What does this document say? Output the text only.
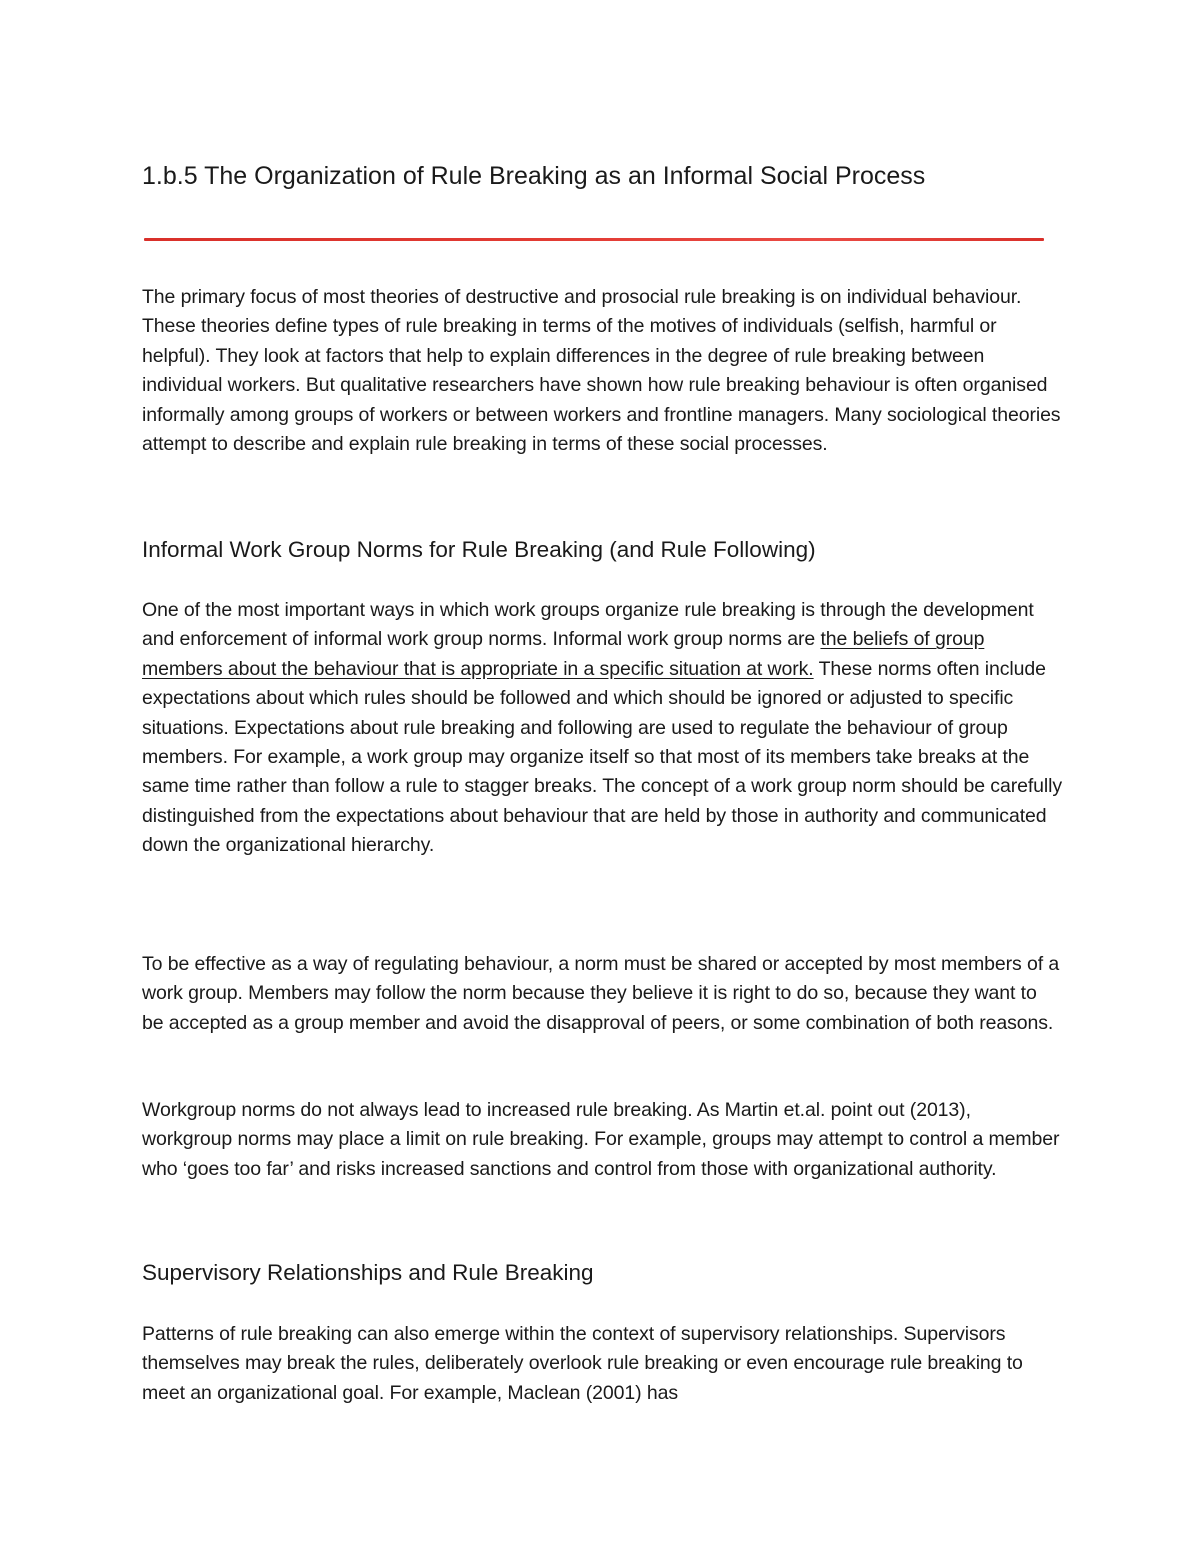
1.b.5 The Organization of Rule Breaking as an Informal Social Process

The primary focus of most theories of destructive and prosocial rule breaking is on individual behaviour. These theories define types of rule breaking in terms of the motives of individuals (selfish, harmful or helpful). They look at factors that help to explain differences in the degree of rule breaking between individual workers. But qualitative researchers have shown how rule breaking behaviour is often organised informally among groups of workers or between workers and frontline managers. Many sociological theories attempt to describe and explain rule breaking in terms of these social processes.

Informal Work Group Norms for Rule Breaking (and Rule Following)

One of the most important ways in which work groups organize rule breaking is through the development and enforcement of informal work group norms. Informal work group norms are the beliefs of group members about the behaviour that is appropriate in a specific situation at work. These norms often include expectations about which rules should be followed and which should be ignored or adjusted to specific situations. Expectations about rule breaking and following are used to regulate the behaviour of group members. For example, a work group may organize itself so that most of its members take breaks at the same time rather than follow a rule to stagger breaks. The concept of a work group norm should be carefully distinguished from the expectations about behaviour that are held by those in authority and communicated down the organizational hierarchy.

To be effective as a way of regulating behaviour, a norm must be shared or accepted by most members of a work group. Members may follow the norm because they believe it is right to do so, because they want to be accepted as a group member and avoid the disapproval of peers, or some combination of both reasons.

Workgroup norms do not always lead to increased rule breaking. As Martin et.al. point out (2013), workgroup norms may place a limit on rule breaking. For example, groups may attempt to control a member who ‘goes too far’ and risks increased sanctions and control from those with organizational authority.

Supervisory Relationships and Rule Breaking

Patterns of rule breaking can also emerge within the context of supervisory relationships. Supervisors themselves may break the rules, deliberately overlook rule breaking or even encourage rule breaking to meet an organizational goal. For example, Maclean (2001) has
